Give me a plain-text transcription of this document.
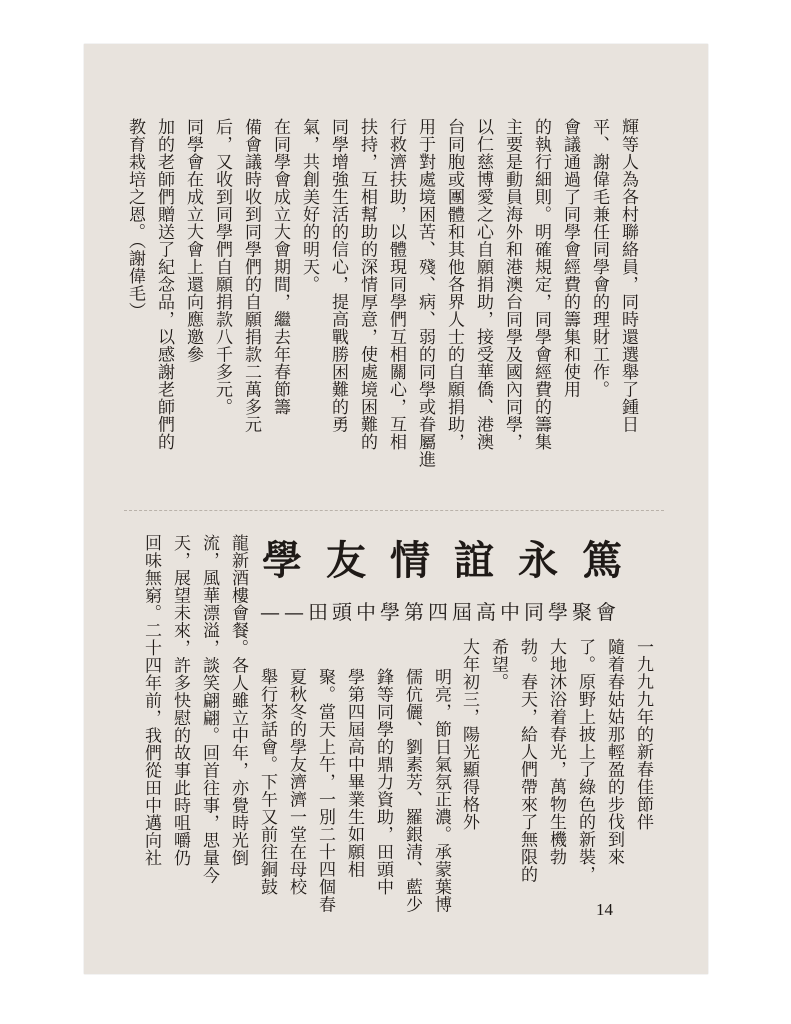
輝等人為各村聯絡員，同時還選舉了鍾日
平、謝偉毛兼任同學會的理財工作。
會議通過了同學會經費的籌集和使用
的執行細則。明確規定，同學會經費的籌集
主要是動員海外和港澳台同學及國內同學，
以仁慈博愛之心自願捐助，接受華僑、港澳
台同胞或團體和其他各界人士的自願捐助，
用于對處境困苦、殘、病、弱的同學或眷屬進
行救濟扶助，以體現同學們互相關心，互相
扶持，互相幫助的深情厚意，使處境困難的
同學增強生活的信心，提高戰勝困難的勇
氣，共創美好的明天。
在同學會成立大會期間，繼去年春節籌
備會議時收到同學們的自願捐款二萬多元
后，又收到同學們自願捐款八千多元。
同學會在成立大會上還向應邀參
加的老師們贈送了紀念品，以感謝老師們的
教育栽培之恩。（謝偉毛）
學 友 情 誼 永 篤
——田頭中學第四屆高中同學聚會
一九九九年的新春佳節伴
隨着春姑姑那輕盈的步伐到來
了。原野上披上了綠色的新裝，
大地沐浴着春光，萬物生機勃
勃。春天，給人們帶來了無限的
希望。
大年初三，陽光顯得格外
明亮，節日氣氛正濃。承蒙葉博
儒伉儷、劉素芳、羅銀清、藍少
鋒等同學的鼎力資助，田頭中
學第四屆高中畢業生如願相
聚。當天上午，一別二十四個春
夏秋冬的學友濟濟一堂在母校
舉行茶話會。下午又前往銅鼓
龍新酒樓會餐。各人雖立中年，亦覺時光倒
流，風華漂溢，談笑翩翩。回首往事，思量今
天，展望未來，許多快慰的故事此時咀嚼仍
回味無窮。二十四年前，我們從田中邁向社
14
